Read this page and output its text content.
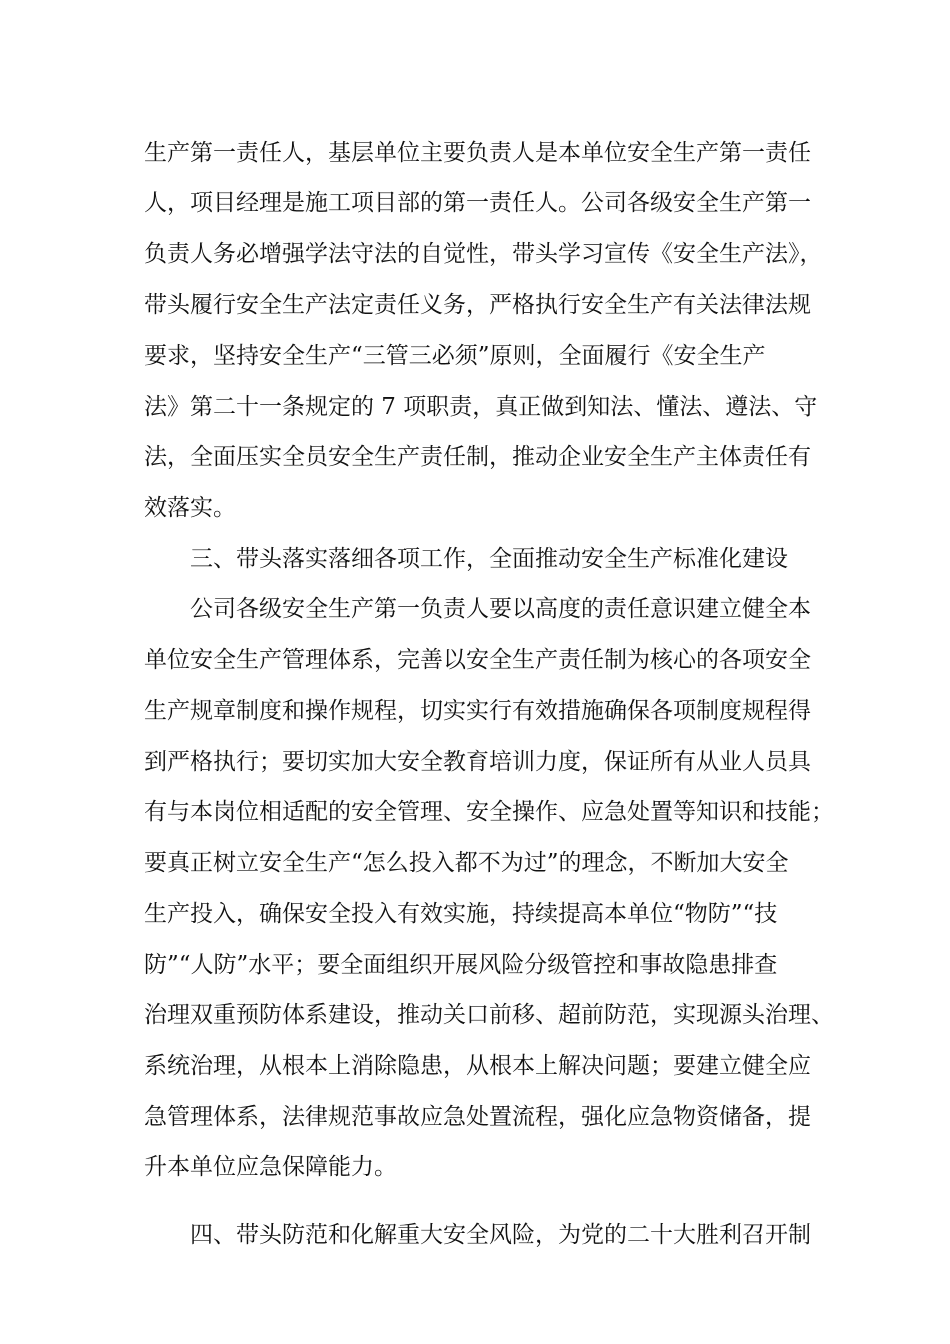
生产第一责任人，基层单位主要负责人是本单位安全生产第一责任
人，项目经理是施工项目部的第一责任人。公司各级安全生产第一
负责人务必增强学法守法的自觉性，带头学习宣传《安全生产法》，
带头履行安全生产法定责任义务，严格执行安全生产有关法律法规
要求，坚持安全生产“三管三必须”原则，全面履行《安全生产
法》第二十一条规定的 7 项职责，真正做到知法、懂法、遵法、守
法，全面压实全员安全生产责任制，推动企业安全生产主体责任有
效落实。
三、带头落实落细各项工作，全面推动安全生产标准化建设
公司各级安全生产第一负责人要以高度的责任意识建立健全本
单位安全生产管理体系，完善以安全生产责任制为核心的各项安全
生产规章制度和操作规程，切实实行有效措施确保各项制度规程得
到严格执行；要切实加大安全教育培训力度，保证所有从业人员具
有与本岗位相适配的安全管理、安全操作、应急处置等知识和技能；
要真正树立安全生产“怎么投入都不为过”的理念，不断加大安全
生产投入，确保安全投入有效实施，持续提高本单位“物防”“技
防”“人防”水平；要全面组织开展风险分级管控和事故隐患排查
治理双重预防体系建设，推动关口前移、超前防范，实现源头治理、
系统治理，从根本上消除隐患，从根本上解决问题；要建立健全应
急管理体系，法律规范事故应急处置流程，强化应急物资储备，提
升本单位应急保障能力。
四、带头防范和化解重大安全风险，为党的二十大胜利召开制
